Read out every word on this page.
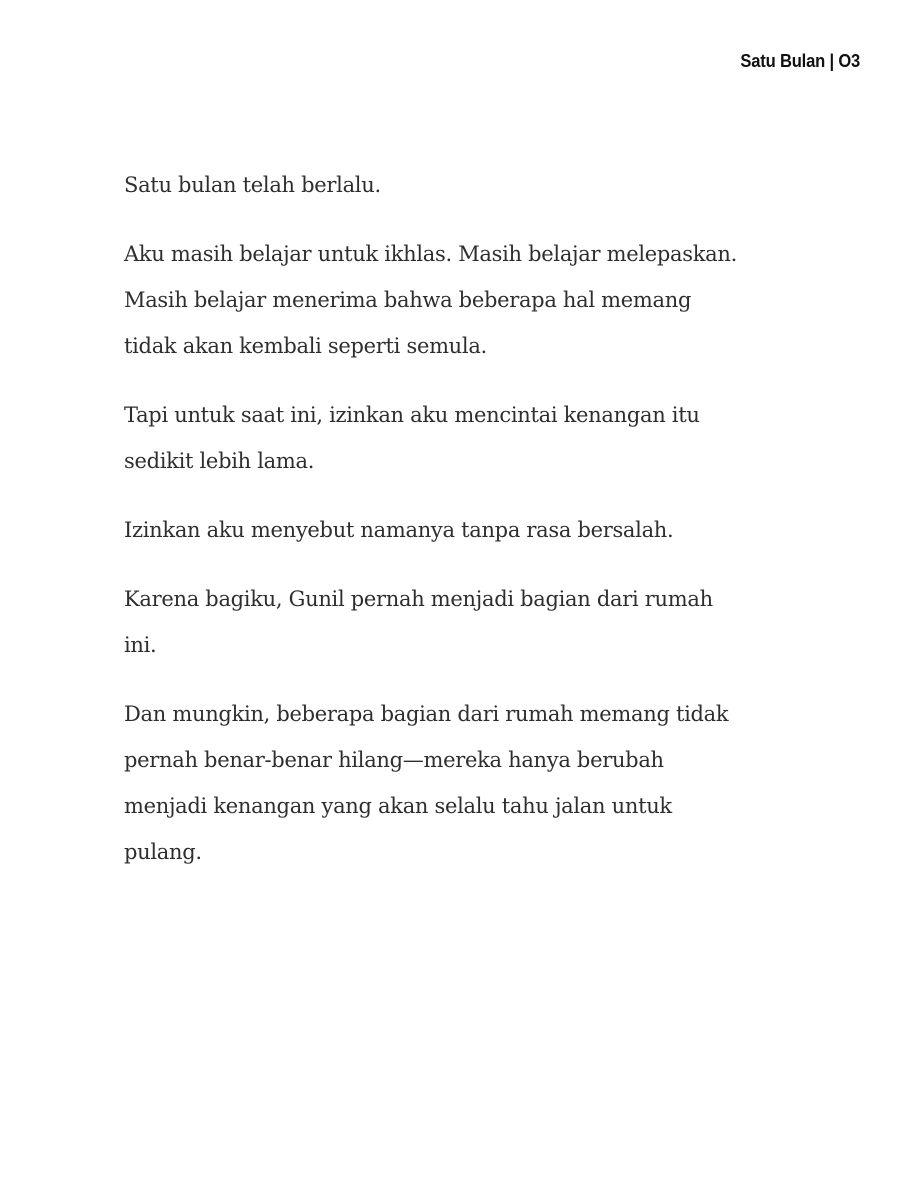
Satu Bulan | O3

Satu bulan telah berlalu.

Aku masih belajar untuk ikhlas. Masih belajar melepaskan.
Masih belajar menerima bahwa beberapa hal memang
tidak akan kembali seperti semula.

Tapi untuk saat ini, izinkan aku mencintai kenangan itu
sedikit lebih lama.

Izinkan aku menyebut namanya tanpa rasa bersalah.

Karena bagiku, Gunil pernah menjadi bagian dari rumah
ini.

Dan mungkin, beberapa bagian dari rumah memang tidak
pernah benar-benar hilang—mereka hanya berubah
menjadi kenangan yang akan selalu tahu jalan untuk
pulang.
